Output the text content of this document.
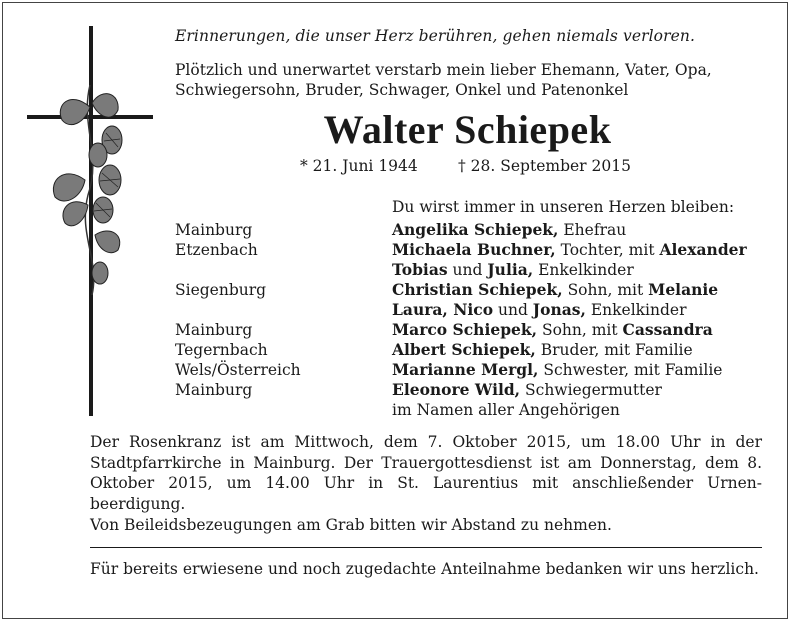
Erinnerungen, die unser Herz berühren, gehen niemals verloren.
Plötzlich und unerwartet verstarb mein lieber Ehemann, Vater, Opa, Schwiegersohn, Bruder, Schwager, Onkel und Patenonkel
Walter Schiepek
* 21. Juni 1944	† 28. September 2015
Du wirst immer in unseren Herzen bleiben:
Mainburg	Angelika Schiepek, Ehefrau
Etzenbach	Michaela Buchner, Tochter, mit Alexander
Tobias und Julia, Enkelkinder
Siegenburg	Christian Schiepek, Sohn, mit Melanie
Laura, Nico und Jonas, Enkelkinder
Mainburg	Marco Schiepek, Sohn, mit Cassandra
Tegernbach	Albert Schiepek, Bruder, mit Familie
Wels/Österreich	Marianne Mergl, Schwester, mit Familie
Mainburg	Eleonore Wild, Schwiegermutter
im Namen aller Angehörigen
Der Rosenkranz ist am Mittwoch, dem 7. Oktober 2015, um 18.00 Uhr in der Stadtpfarrkirche in Mainburg. Der Trauergottesdienst ist am Donnerstag, dem 8. Oktober 2015, um 14.00 Uhr in St. Laurentius mit anschließender Urnen-beerdigung.
Von Beileidsbezeugungen am Grab bitten wir Abstand zu nehmen.
Für bereits erwiesene und noch zugedachte Anteilnahme bedanken wir uns herzlich.
